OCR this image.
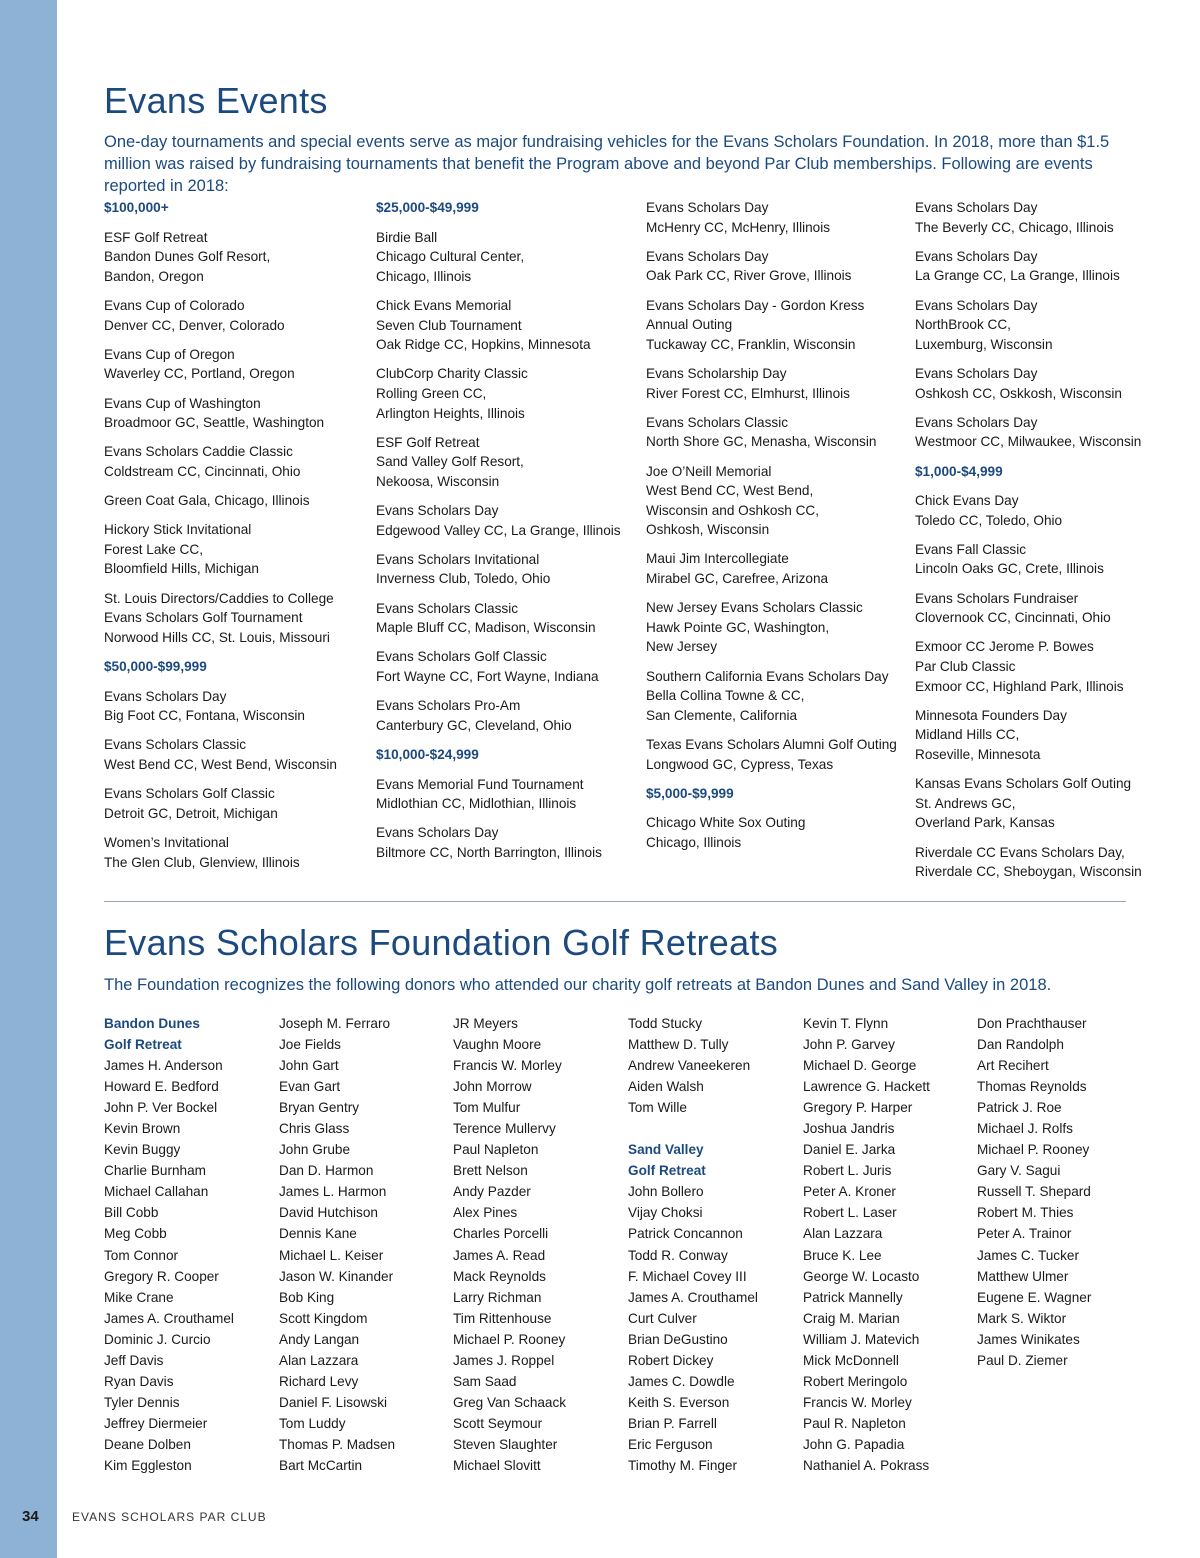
Evans Events

One-day tournaments and special events serve as major fundraising vehicles for the Evans Scholars Foundation. In 2018, more than $1.5 million was raised by fundraising tournaments that benefit the Program above and beyond Par Club memberships. Following are events reported in 2018:

$100,000+
ESF Golf Retreat
Bandon Dunes Golf Resort,
Bandon, Oregon
Evans Cup of Colorado
Denver CC, Denver, Colorado
Evans Cup of Oregon
Waverley CC, Portland, Oregon
Evans Cup of Washington
Broadmoor GC, Seattle, Washington
Evans Scholars Caddie Classic
Coldstream CC, Cincinnati, Ohio
Green Coat Gala, Chicago, Illinois
Hickory Stick Invitational
Forest Lake CC,
Bloomfield Hills, Michigan
St. Louis Directors/Caddies to College
Evans Scholars Golf Tournament
Norwood Hills CC, St. Louis, Missouri
$50,000-$99,999
Evans Scholars Day
Big Foot CC, Fontana, Wisconsin
Evans Scholars Classic
West Bend CC, West Bend, Wisconsin
Evans Scholars Golf Classic
Detroit GC, Detroit, Michigan
Women’s Invitational
The Glen Club, Glenview, Illinois
$25,000-$49,999
Birdie Ball
Chicago Cultural Center,
Chicago, Illinois
Chick Evans Memorial
Seven Club Tournament
Oak Ridge CC, Hopkins, Minnesota
ClubCorp Charity Classic
Rolling Green CC,
Arlington Heights, Illinois
ESF Golf Retreat
Sand Valley Golf Resort,
Nekoosa, Wisconsin
Evans Scholars Day
Edgewood Valley CC, La Grange, Illinois
Evans Scholars Invitational
Inverness Club, Toledo, Ohio
Evans Scholars Classic
Maple Bluff CC, Madison, Wisconsin
Evans Scholars Golf Classic
Fort Wayne CC, Fort Wayne, Indiana
Evans Scholars Pro-Am
Canterbury GC, Cleveland, Ohio
$10,000-$24,999
Evans Memorial Fund Tournament
Midlothian CC, Midlothian, Illinois
Evans Scholars Day
Biltmore CC, North Barrington, Illinois
Evans Scholars Day
McHenry CC, McHenry, Illinois
Evans Scholars Day
Oak Park CC, River Grove, Illinois
Evans Scholars Day - Gordon Kress
Annual Outing
Tuckaway CC, Franklin, Wisconsin
Evans Scholarship Day
River Forest CC, Elmhurst, Illinois
Evans Scholars Classic
North Shore GC, Menasha, Wisconsin
Joe O’Neill Memorial
West Bend CC, West Bend,
Wisconsin and Oshkosh CC,
Oshkosh, Wisconsin
Maui Jim Intercollegiate
Mirabel GC, Carefree, Arizona
New Jersey Evans Scholars Classic
Hawk Pointe GC, Washington,
New Jersey
Southern California Evans Scholars Day
Bella Collina Towne & CC,
San Clemente, California
Texas Evans Scholars Alumni Golf Outing
Longwood GC, Cypress, Texas
$5,000-$9,999
Chicago White Sox Outing
Chicago, Illinois
Evans Scholars Day
The Beverly CC, Chicago, Illinois
Evans Scholars Day
La Grange CC, La Grange, Illinois
Evans Scholars Day
NorthBrook CC,
Luxemburg, Wisconsin
Evans Scholars Day
Oshkosh CC, Oskkosh, Wisconsin
Evans Scholars Day
Westmoor CC, Milwaukee, Wisconsin
$1,000-$4,999
Chick Evans Day
Toledo CC, Toledo, Ohio
Evans Fall Classic
Lincoln Oaks GC, Crete, Illinois
Evans Scholars Fundraiser
Clovernook CC, Cincinnati, Ohio
Exmoor CC Jerome P. Bowes
Par Club Classic
Exmoor CC, Highland Park, Illinois
Minnesota Founders Day
Midland Hills CC,
Roseville, Minnesota
Kansas Evans Scholars Golf Outing
St. Andrews GC,
Overland Park, Kansas
Riverdale CC Evans Scholars Day,
Riverdale CC, Sheboygan, Wisconsin
Evans Scholars Foundation Golf Retreats

The Foundation recognizes the following donors who attended our charity golf retreats at Bandon Dunes and Sand Valley in 2018.

Bandon Dunes
Golf Retreat
James H. Anderson
Howard E. Bedford
John P. Ver Bockel
Kevin Brown
Kevin Buggy
Charlie Burnham
Michael Callahan
Bill Cobb
Meg Cobb
Tom Connor
Gregory R. Cooper
Mike Crane
James A. Crouthamel
Dominic J. Curcio
Jeff Davis
Ryan Davis
Tyler Dennis
Jeffrey Diermeier
Deane Dolben
Kim Eggleston
Joseph M. Ferraro
Joe Fields
John Gart
Evan Gart
Bryan Gentry
Chris Glass
John Grube
Dan D. Harmon
James L. Harmon
David Hutchison
Dennis Kane
Michael L. Keiser
Jason W. Kinander
Bob King
Scott Kingdom
Andy Langan
Alan Lazzara
Richard Levy
Daniel F. Lisowski
Tom Luddy
Thomas P. Madsen
Bart McCartin
JR Meyers
Vaughn Moore
Francis W. Morley
John Morrow
Tom Mulfur
Terence Mullervy
Paul Napleton
Brett Nelson
Andy Pazder
Alex Pines
Charles Porcelli
James A. Read
Mack Reynolds
Larry Richman
Tim Rittenhouse
Michael P. Rooney
James J. Roppel
Sam Saad
Greg Van Schaack
Scott Seymour
Steven Slaughter
Michael Slovitt
Todd Stucky
Matthew D. Tully
Andrew Vaneekeren
Aiden Walsh
Tom Wille
Sand Valley
Golf Retreat
John Bollero
Vijay Choksi
Patrick Concannon
Todd R. Conway
F. Michael Covey III
James A. Crouthamel
Curt Culver
Brian DeGustino
Robert Dickey
James C. Dowdle
Keith S. Everson
Brian P. Farrell
Eric Ferguson
Timothy M. Finger
Kevin T. Flynn
John P. Garvey
Michael D. George
Lawrence G. Hackett
Gregory P. Harper
Joshua Jandris
Daniel E. Jarka
Robert L. Juris
Peter A. Kroner
Robert L. Laser
Alan Lazzara
Bruce K. Lee
George W. Locasto
Patrick Mannelly
Craig M. Marian
William J. Matevich
Mick McDonnell
Robert Meringolo
Francis W. Morley
Paul R. Napleton
John G. Papadia
Nathaniel A. Pokrass
Don Prachthauser
Dan Randolph
Art Recihert
Thomas Reynolds
Patrick J. Roe
Michael J. Rolfs
Michael P. Rooney
Gary V. Sagui
Russell T. Shepard
Robert M. Thies
Peter A. Trainor
James C. Tucker
Matthew Ulmer
Eugene E. Wagner
Mark S. Wiktor
James Winikates
Paul D. Ziemer
34	EVANS SCHOLARS PAR CLUB
